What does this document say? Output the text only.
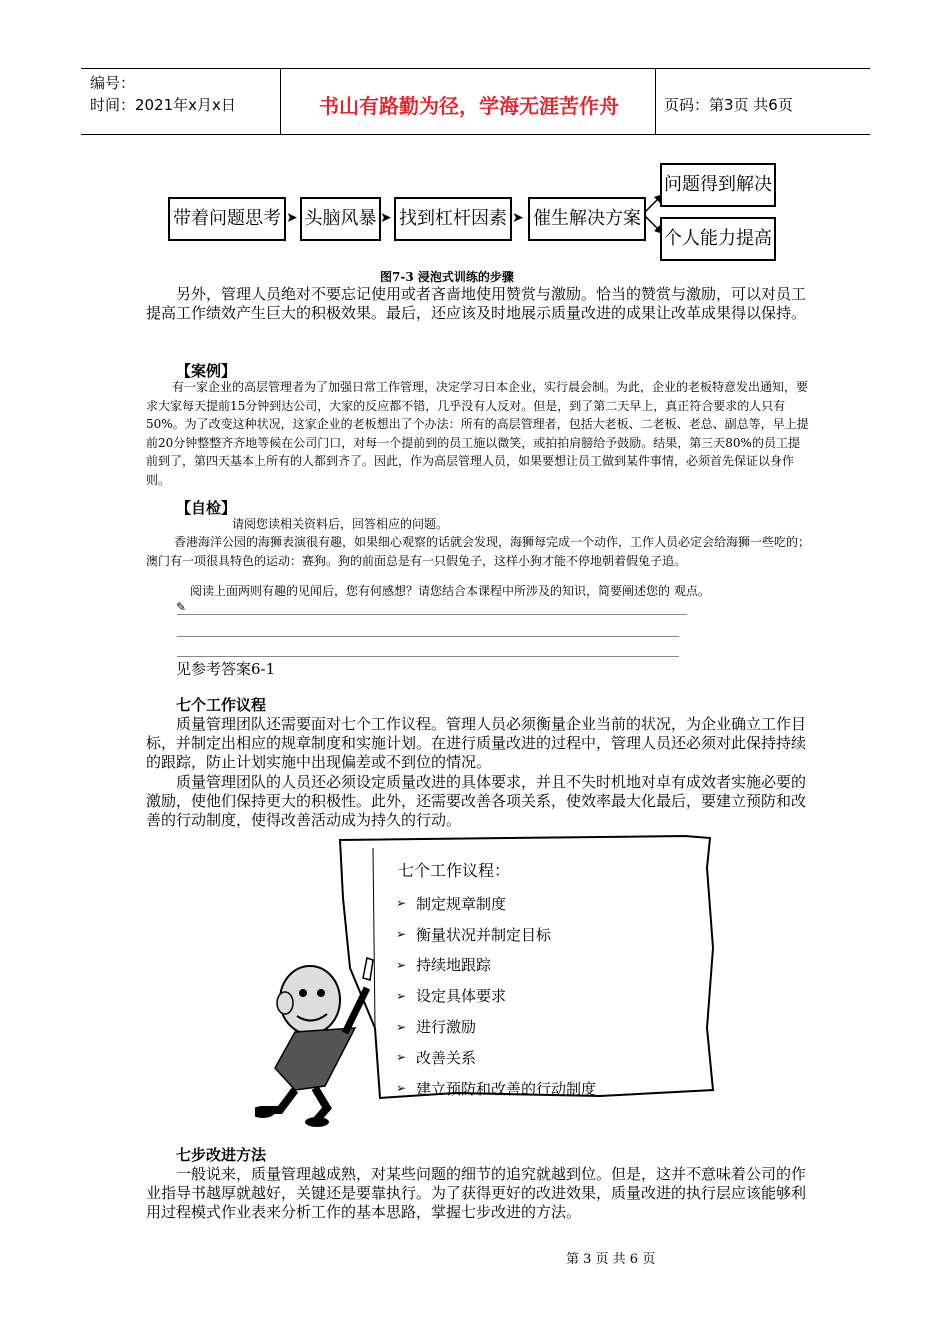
编号：
时间：2021年x月x日	书山有路勤为径，学海无涯苦作舟	页码：第3页 共6页
带着问题思考 ➤ 头脑风暴 ➤ 找到杠杆因素 ➤ 催生解决方案
问题得到解决
个人能力提高
图7-3 浸泡式训练的步骤

另外，管理人员绝对不要忘记使用或者吝啬地使用赞赏与激励。恰当的赞赏与激励，可以对员工提高工作绩效产生巨大的积极效果。最后，还应该及时地展示质量改进的成果让改革成果得以保持。

【案例】

有一家企业的高层管理者为了加强日常工作管理，决定学习日本企业，实行晨会制。为此，企业的老板特意发出通知，要求大家每天提前15分钟到达公司，大家的反应都不错，几乎没有人反对。但是，到了第二天早上，真正符合要求的人只有50%。为了改变这种状况，这家企业的老板想出了个办法：所有的高层管理者，包括大老板、二老板、老总、副总等，早上提前20分钟整整齐齐地等候在公司门口，对每一个提前到的员工施以微笑，或拍拍肩膀给予鼓励。结果，第三天80%的员工提前到了，第四天基本上所有的人都到齐了。因此，作为高层管理人员，如果要想让员工做到某件事情，必须首先保证以身作则。

【自检】

请阅您读相关资料后，回答相应的问题。

香港海洋公园的海狮表演很有趣，如果细心观察的话就会发现，海狮每完成一个动作，工作人员必定会给海狮一些吃的；澳门有一项很具特色的运动：赛狗。狗的前面总是有一只假兔子，这样小狗才能不停地朝着假兔子追。

阅读上面两则有趣的见闻后，您有何感想？请您结合本课程中所涉及的知识，简要阐述您的 观点。

✎

见参考答案6-1

七个工作议程

质量管理团队还需要面对七个工作议程。管理人员必须衡量企业当前的状况，为企业确立工作目标，并制定出相应的规章制度和实施计划。在进行质量改进的过程中，管理人员还必须对此保持持续的跟踪，防止计划实施中出现偏差或不到位的情况。

质量管理团队的人员还必须设定质量改进的具体要求，并且不失时机地对卓有成效者实施必要的激励，使他们保持更大的积极性。此外，还需要改善各项关系，使效率最大化最后，要建立预防和改善的行动制度，使得改善活动成为持久的行动。

七个工作议程：
➢ 制定规章制度
➢ 衡量状况并制定目标
➢ 持续地跟踪
➢ 设定具体要求
➢ 进行激励
➢ 改善关系
➢ 建立预防和改善的行动制度
七步改进方法

一般说来，质量管理越成熟，对某些问题的细节的追究就越到位。但是，这并不意味着公司的作业指导书越厚就越好，关键还是要靠执行。为了获得更好的改进效果，质量改进的执行层应该能够利用过程模式作业表来分析工作的基本思路，掌握七步改进的方法。

第 3 页 共 6 页
